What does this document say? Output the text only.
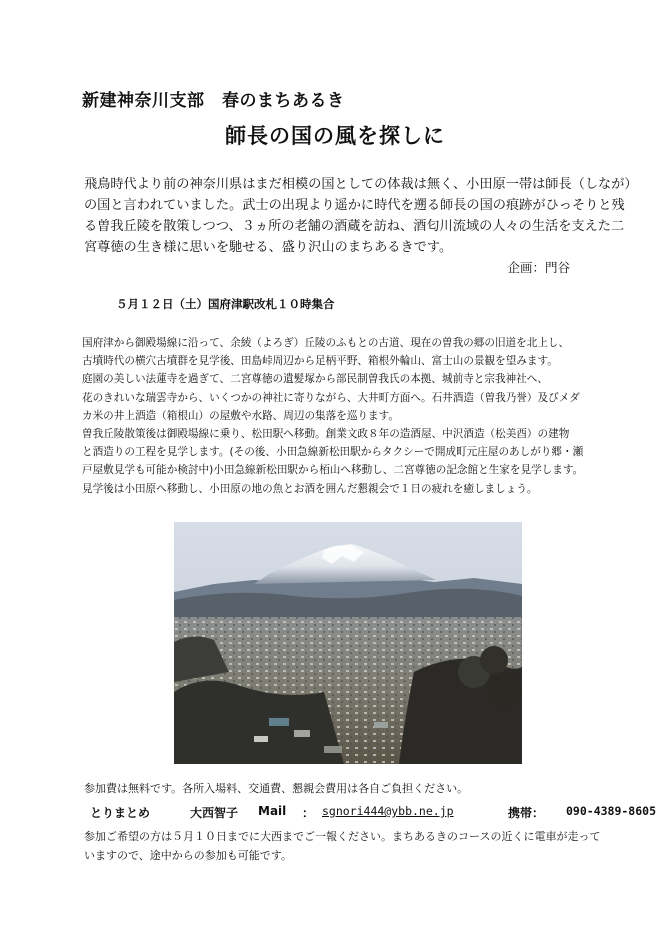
新建神奈川支部　春のまちあるき
師長の国の風を探しに
飛鳥時代より前の神奈川県はまだ相模の国としての体裁は無く、小田原一帯は師長（しなが）
の国と言われていました。武士の出現より遥かに時代を遡る師長の国の痕跡がひっそりと残
る曽我丘陵を散策しつつ、３ヵ所の老舗の酒蔵を訪ね、酒匂川流域の人々の生活を支えた二
宮尊徳の生き様に思いを馳せる、盛り沢山のまちあるきです。
企画：門谷
５月１２日（土）国府津駅改札１０時集合
国府津から御殿場線に沿って、余綾（よろぎ）丘陵のふもとの古道、現在の曽我の郷の旧道を北上し、
古墳時代の横穴古墳群を見学後、田島峠周辺から足柄平野、箱根外輪山、富士山の景観を望みます。
庭園の美しい法蓮寺を過ぎて、二宮尊徳の遺髪塚から部民制曽我氏の本拠、城前寺と宗我神社へ、
花のきれいな瑞雲寺から、いくつかの神社に寄りながら、大井町方面へ。石井酒造（曽我乃誉）及びメダ
カ米の井上酒造（箱根山）の屋敷や水路、周辺の集落を巡ります。
曽我丘陵散策後は御殿場線に乗り、松田駅へ移動。創業文政８年の造酒屋、中沢酒造（松美酉）の建物
と酒造りの工程を見学します。(その後、小田急線新松田駅からタクシーで開成町元庄屋のあしがり郷・瀬
戸屋敷見学も可能か検討中)小田急線新松田駅から栢山へ移動し、二宮尊徳の記念館と生家を見学します。
見学後は小田原へ移動し、小田原の地の魚とお酒を囲んだ懇親会で１日の疲れを癒しましょう。
参加費は無料です。各所入場料、交通費、懇親会費用は各自ご負担ください。
とりまとめ	大西智子 Mail ： sgnori444@ybb.ne.jp	携帯： 090-4389-8605
参加ご希望の方は５月１０日までに大西までご一報ください。まちあるきのコースの近くに電車が走って
いますので、途中からの参加も可能です。
